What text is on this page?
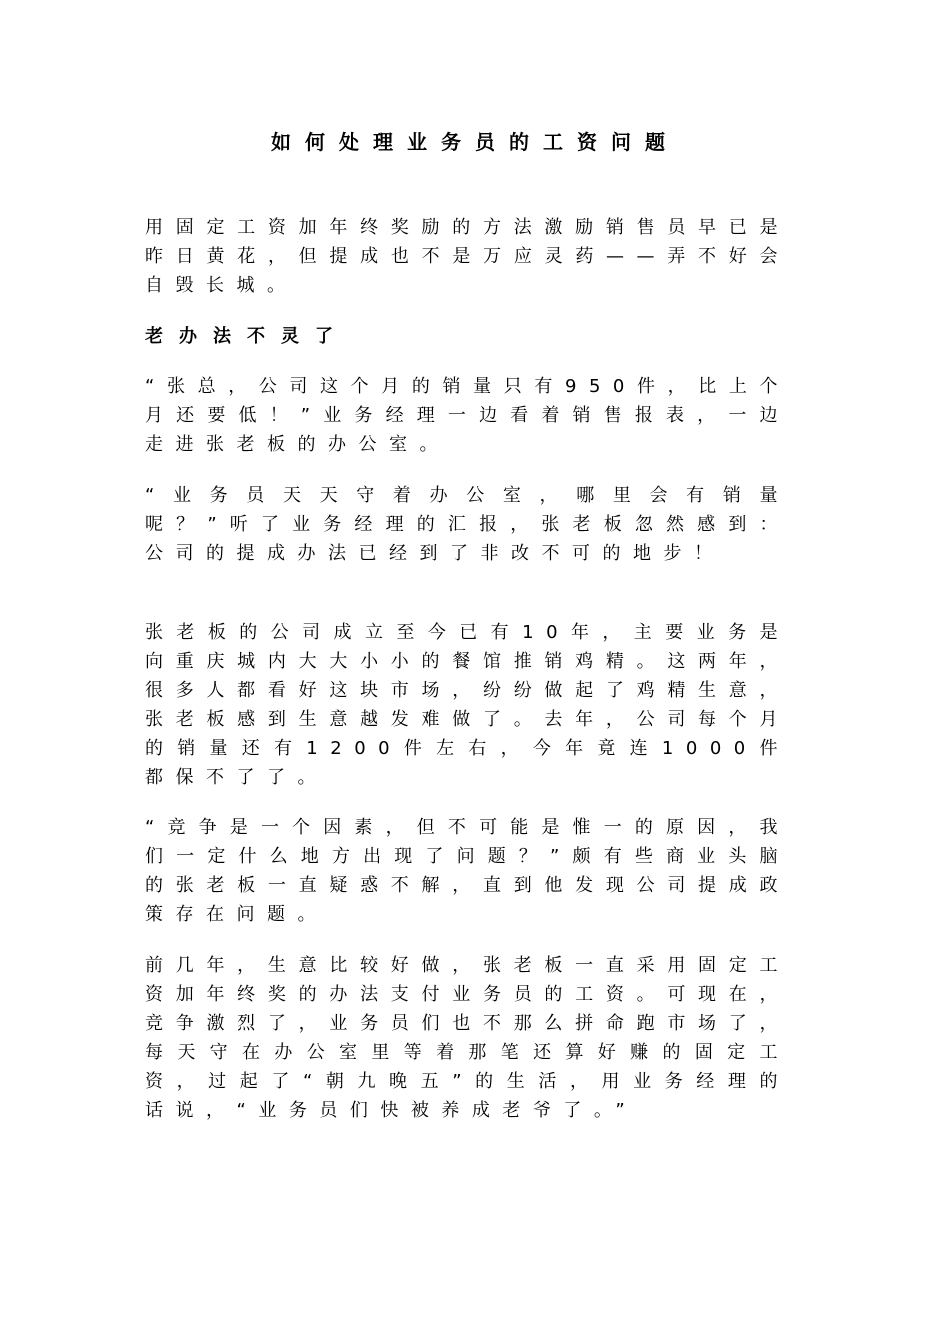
如何处理业务员的工资问题

用固定工资加年终奖励的方法激励销售员早已是昨日黄花，但提成也不是万应灵药——弄不好会自毁长城。

老办法不灵了

“张总，公司这个月的销量只有950件，比上个月还要低！”业务经理一边看着销售报表，一边走进张老板的办公室。

“业务员天天守着办公室，哪里会有销量呢？”听了业务经理的汇报，张老板忽然感到：公司的提成办法已经到了非改不可的地步！

张老板的公司成立至今已有10年，主要业务是向重庆城内大大小小的餐馆推销鸡精。这两年，很多人都看好这块市场，纷纷做起了鸡精生意，张老板感到生意越发难做了。去年，公司每个月的销量还有1200件左右，今年竟连1000件都保不了了。

“竞争是一个因素，但不可能是惟一的原因，我们一定什么地方出现了问题？”颇有些商业头脑的张老板一直疑惑不解，直到他发现公司提成政策存在问题。

前几年，生意比较好做，张老板一直采用固定工资加年终奖的办法支付业务员的工资。可现在，竞争激烈了，业务员们也不那么拼命跑市场了，每天守在办公室里等着那笔还算好赚的固定工资，过起了“朝九晚五”的生活，用业务经理的话说，“业务员们快被养成老爷了。”
